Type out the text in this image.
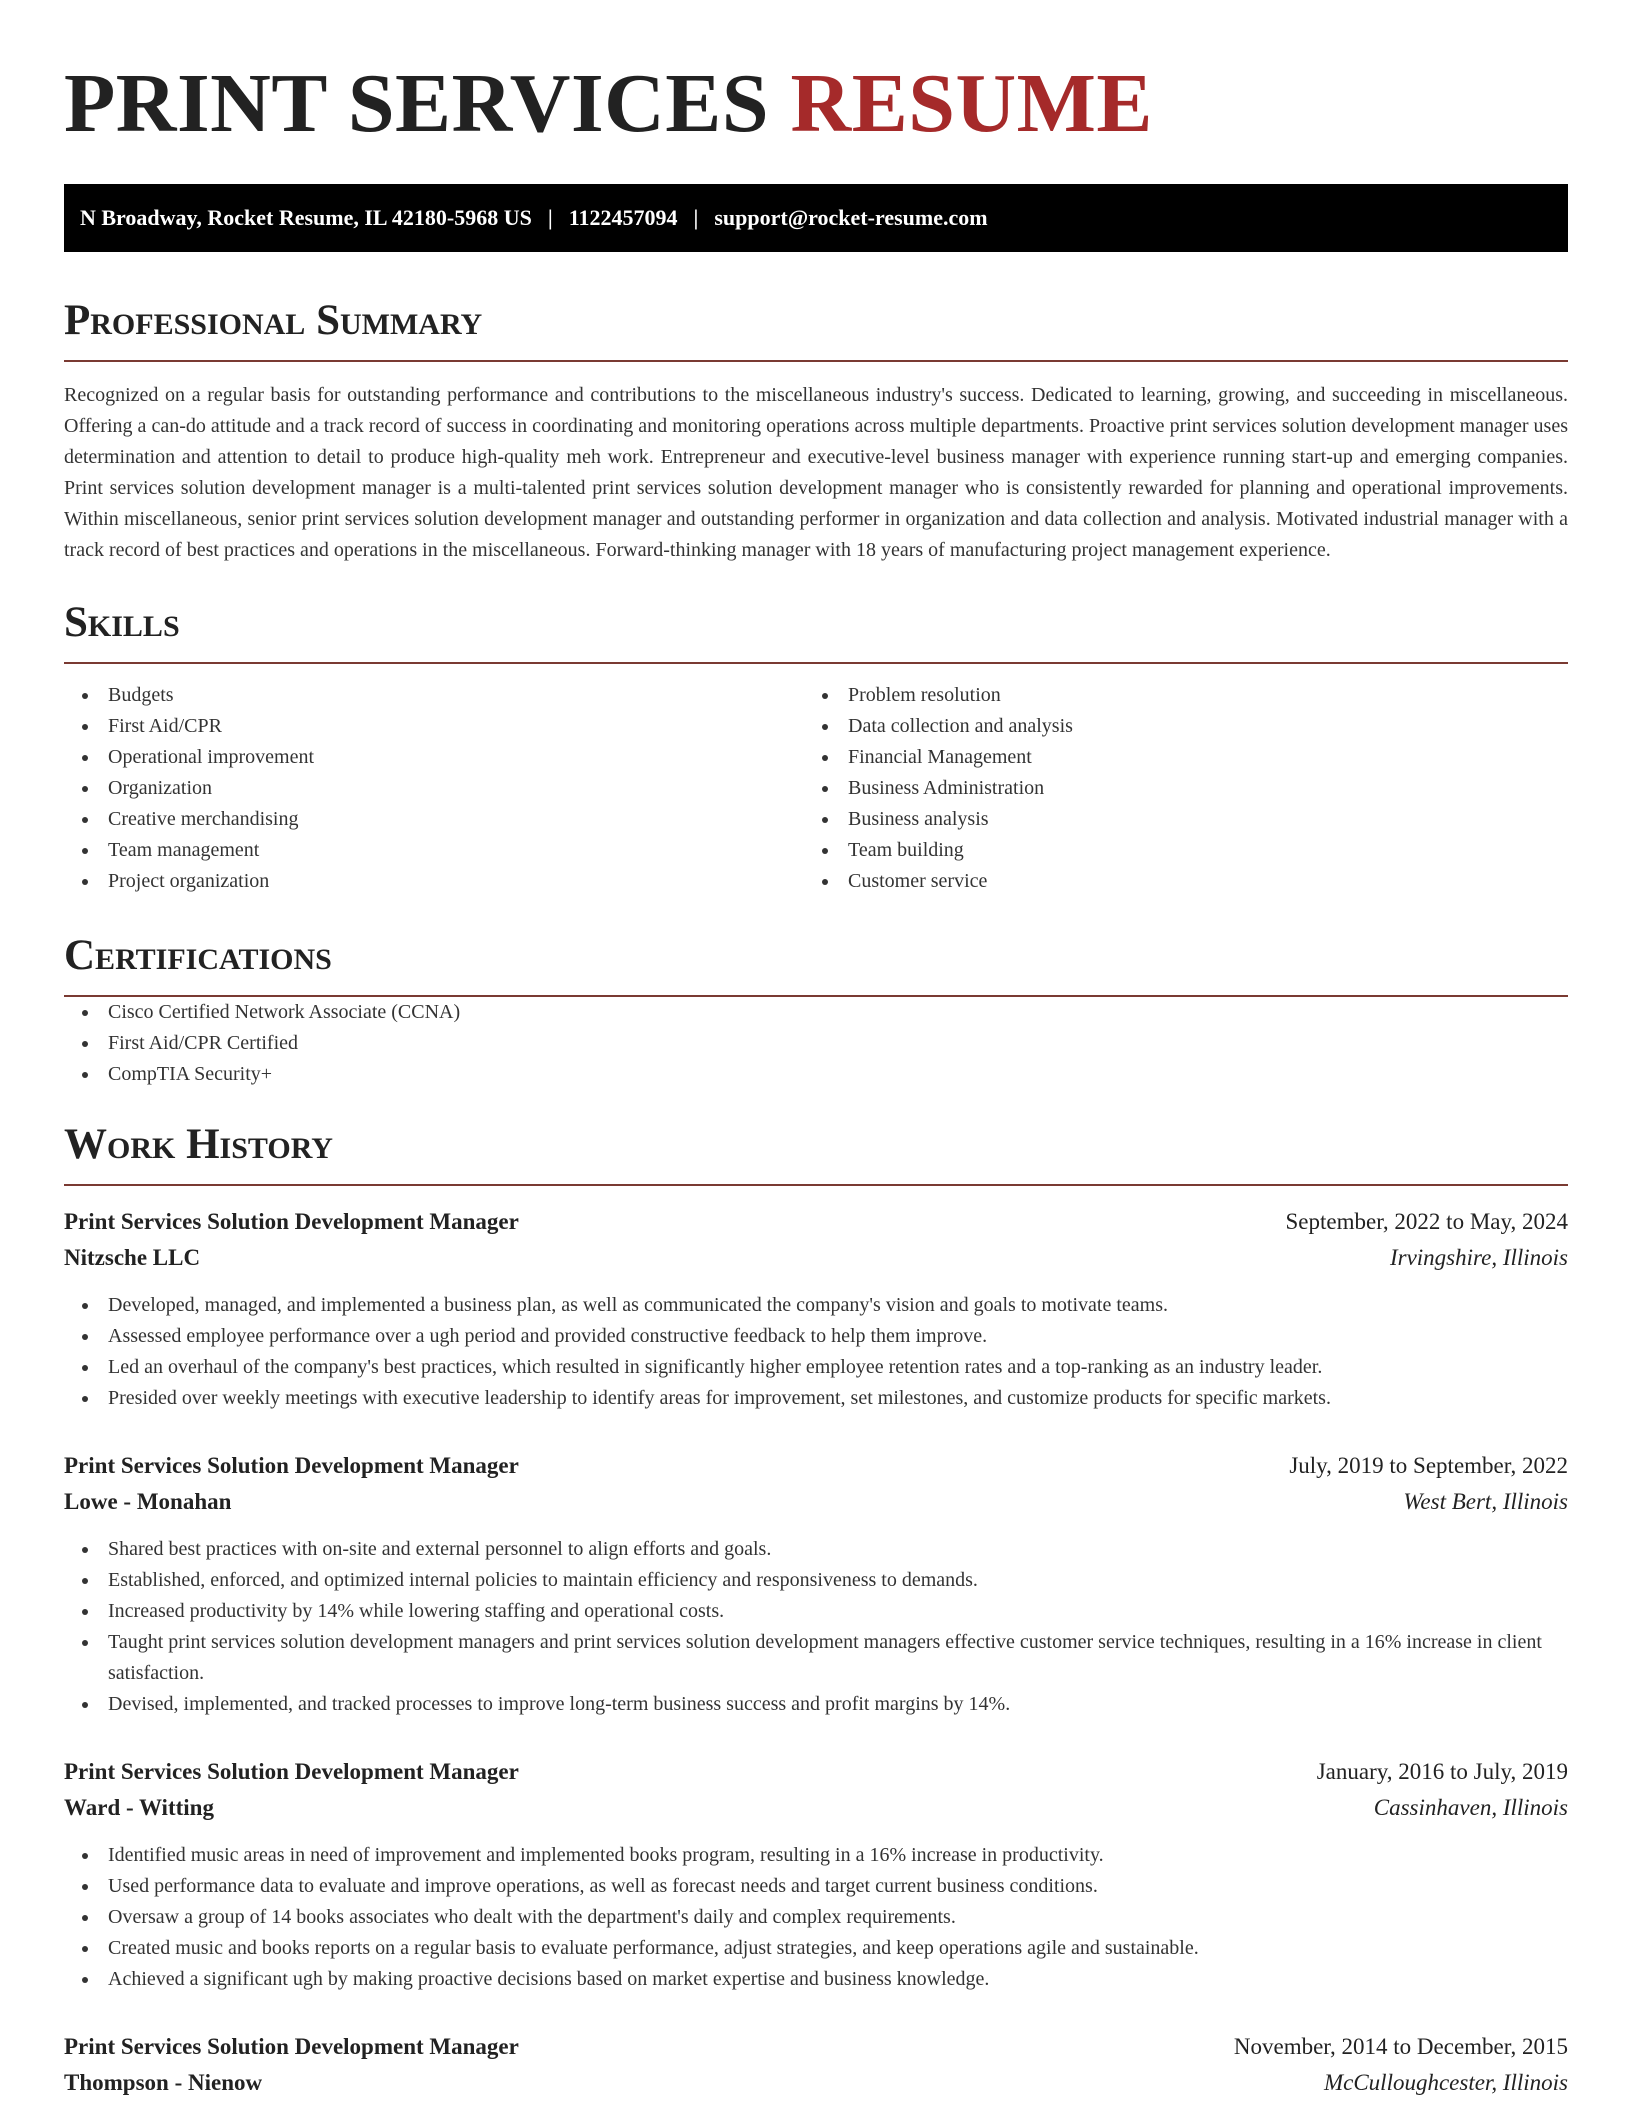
PRINT SERVICES RESUME
N Broadway, Rocket Resume, IL 42180-5968 US | 1122457094 | support@rocket-resume.com
Professional Summary

Recognized on a regular basis for outstanding performance and contributions to the miscellaneous industry's success. Dedicated to learning, growing, and succeeding in miscellaneous. Offering a can-do attitude and a track record of success in coordinating and monitoring operations across multiple departments. Proactive print services solution development manager uses determination and attention to detail to produce high-quality meh work. Entrepreneur and executive-level business manager with experience running start-up and emerging companies. Print services solution development manager is a multi-talented print services solution development manager who is consistently rewarded for planning and operational improvements. Within miscellaneous, senior print services solution development manager and outstanding performer in organization and data collection and analysis. Motivated industrial manager with a track record of best practices and operations in the miscellaneous. Forward-thinking manager with 18 years of manufacturing project management experience.

Skills
Budgets
First Aid/CPR
Operational improvement
Organization
Creative merchandising
Team management
Project organization
Problem resolution
Data collection and analysis
Financial Management
Business Administration
Business analysis
Team building
Customer service
Certifications
Cisco Certified Network Associate (CCNA)
First Aid/CPR Certified
CompTIA Security+
Work History
Print Services Solution Development Manager	September, 2022 to May, 2024
Nitzsche LLC	Irvingshire, Illinois
Developed, managed, and implemented a business plan, as well as communicated the company's vision and goals to motivate teams.
Assessed employee performance over a ugh period and provided constructive feedback to help them improve.
Led an overhaul of the company's best practices, which resulted in significantly higher employee retention rates and a top-ranking as an industry leader.
Presided over weekly meetings with executive leadership to identify areas for improvement, set milestones, and customize products for specific markets.
Print Services Solution Development Manager	July, 2019 to September, 2022
Lowe - Monahan	West Bert, Illinois
Shared best practices with on-site and external personnel to align efforts and goals.
Established, enforced, and optimized internal policies to maintain efficiency and responsiveness to demands.
Increased productivity by 14% while lowering staffing and operational costs.
Taught print services solution development managers and print services solution development managers effective customer service techniques, resulting in a 16% increase in client satisfaction.
Devised, implemented, and tracked processes to improve long-term business success and profit margins by 14%.
Print Services Solution Development Manager	January, 2016 to July, 2019
Ward - Witting	Cassinhaven, Illinois
Identified music areas in need of improvement and implemented books program, resulting in a 16% increase in productivity.
Used performance data to evaluate and improve operations, as well as forecast needs and target current business conditions.
Oversaw a group of 14 books associates who dealt with the department's daily and complex requirements.
Created music and books reports on a regular basis to evaluate performance, adjust strategies, and keep operations agile and sustainable.
Achieved a significant ugh by making proactive decisions based on market expertise and business knowledge.
Print Services Solution Development Manager	November, 2014 to December, 2015
Thompson - Nienow	McCulloughcester, Illinois
